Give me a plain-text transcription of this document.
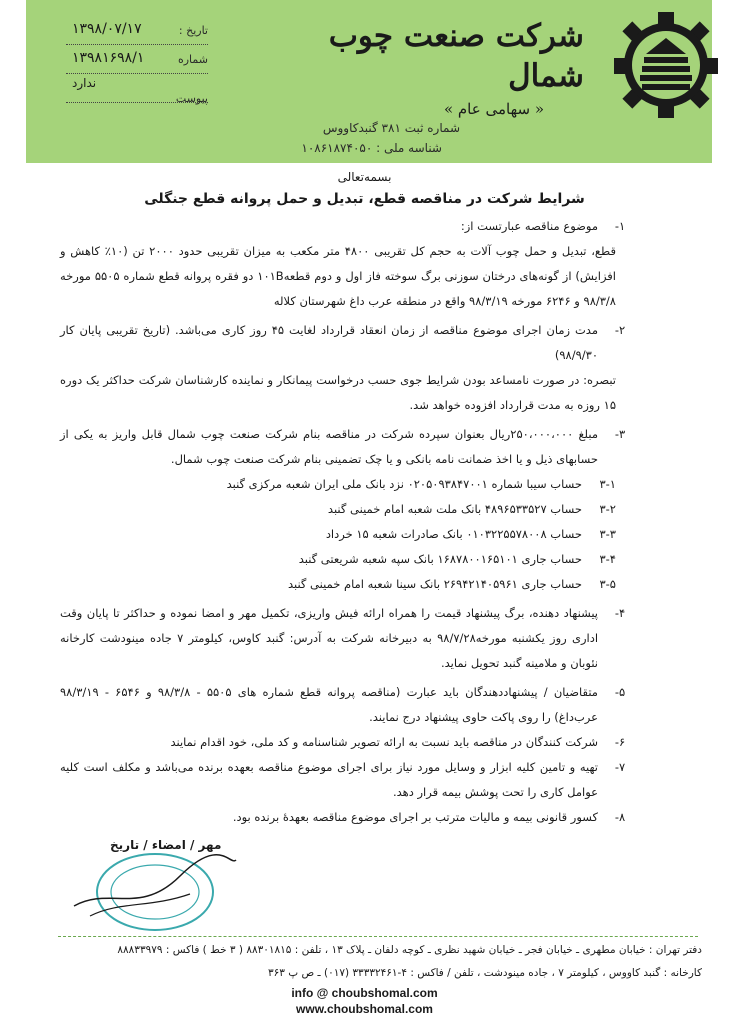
شرکت صنعت چوب شمال
« سهامی عام »
شماره ثبت ۳۸۱ گنبدکاووس
شناسه ملی : ۱۰۸۶۱۸۷۴۰۵۰
تاریخ :
۱۳۹۸/۰۷/۱۷
شماره
۱۳۹۸۱۶۹۸/۱
پیوست
ندارد
بسمه‌تعالی
شرایط شرکت در مناقصه قطع، تبدیل و حمل پروانه قطع جنگلی
۱-
موضوع مناقصه عبارتست از:
قطع، تبدیل و حمل چوب آلات به حجم کل تقریبی ۴۸۰۰ متر مکعب به میزان تقریبی حدود ۲۰۰۰ تن (۱۰٪ کاهش و افزایش) از گونه‌های درختان سوزنی برگ سوخته فاز اول و دوم قطعه۱۰۱B دو فقره پروانه قطع شماره ۵۵۰۵ مورخه ۹۸/۳/۸ و ۶۲۴۶ مورخه ۹۸/۳/۱۹ واقع در منطقه عرب داغ شهرستان کلاله
۲-
مدت زمان اجرای موضوع مناقصه از زمان انعقاد قرارداد لغایت ۴۵ روز کاری می‌باشد. (تاریخ تقریبی پایان کار ۹۸/۹/۳۰)
تبصره: در صورت نامساعد بودن شرایط جوی حسب درخواست پیمانکار و نماینده کارشناسان شرکت حداکثر یک دوره ۱۵ روزه به مدت قرارداد افزوده خواهد شد.
۳-
مبلغ ۲۵۰،۰۰۰،۰۰۰ریال بعنوان سپرده شرکت در مناقصه بنام شرکت صنعت چوب شمال قابل واریز به یکی از حسابهای ذیل و یا اخذ ضمانت نامه بانکی و یا چک تضمینی بنام شرکت صنعت چوب شمال.
۳-۱
حساب سیبا شماره ۰۲۰۵۰۹۳۸۴۷۰۰۱ نزد بانک ملی ایران شعبه مرکزی گنبد
۳-۲
حساب ۴۸۹۶۵۳۳۵۲۷ بانک ملت شعبه امام خمینی گنبد
۳-۳
حساب ۰۱۰۳۲۲۵۵۷۸۰۰۸ بانک صادرات شعبه ۱۵ خرداد
۳-۴
حساب جاری ۱۶۸۷۸۰۰۱۶۵۱۰۱ بانک سپه شعبه شریعتی گنبد
۳-۵
حساب جاری ۲۶۹۴۲۱۴۰۵۹۶۱ بانک سینا شعبه امام خمینی گنبد
۴-
پیشنهاد دهنده، برگ پیشنهاد قیمت را همراه ارائه فیش واریزی، تکمیل مهر و امضا نموده و حداکثر تا پایان وقت اداری روز یکشنبه مورخه۹۸/۷/۲۸ به دبیرخانه شرکت به آدرس: گنبد کاوس، کیلومتر ۷ جاده مینودشت کارخانه نئوبان و ملامینه گنبد تحویل نماید.
۵-
متقاضیان / پیشنهاددهندگان باید عبارت (مناقصه پروانه قطع شماره های ۵۵۰۵ - ۹۸/۳/۸ و ۶۵۴۶ - ۹۸/۳/۱۹ عرب‌داغ) را روی پاکت حاوی پیشنهاد درج نمایند.
۶-
شرکت کنندگان در مناقصه باید نسبت به ارائه تصویر شناسنامه و کد ملی، خود اقدام نمایند
۷-
تهیه و تامین کلیه ابزار و وسایل مورد نیاز برای اجرای موضوع مناقصه بعهده برنده می‌باشد و مکلف است کلیه عوامل کاری را تحت پوشش بیمه قرار دهد.
۸-
کسور قانونی بیمه و مالیات مترتب بر اجرای موضوع مناقصه بعهدهٔ برنده بود.
مهر / امضاء / تاریخ
دفتر تهران : خیابان مطهری ـ خیابان فجر ـ خیابان شهید نظری ـ کوچه دلفان ـ پلاک ۱۳ ، تلفن : ۸۸۳۰۱۸۱۵ ( ۳ خط ) فاکس : ۸۸۸۳۳۹۷۹
کارخانه : گنبد کاووس ، کیلومتر ۷ ، جاده مینودشت ، تلفن / فاکس : ۴-۳۳۳۳۲۴۶۱ (۰۱۷) ـ ص پ ۳۶۳
info @ choubshomal.com
www.choubshomal.com
